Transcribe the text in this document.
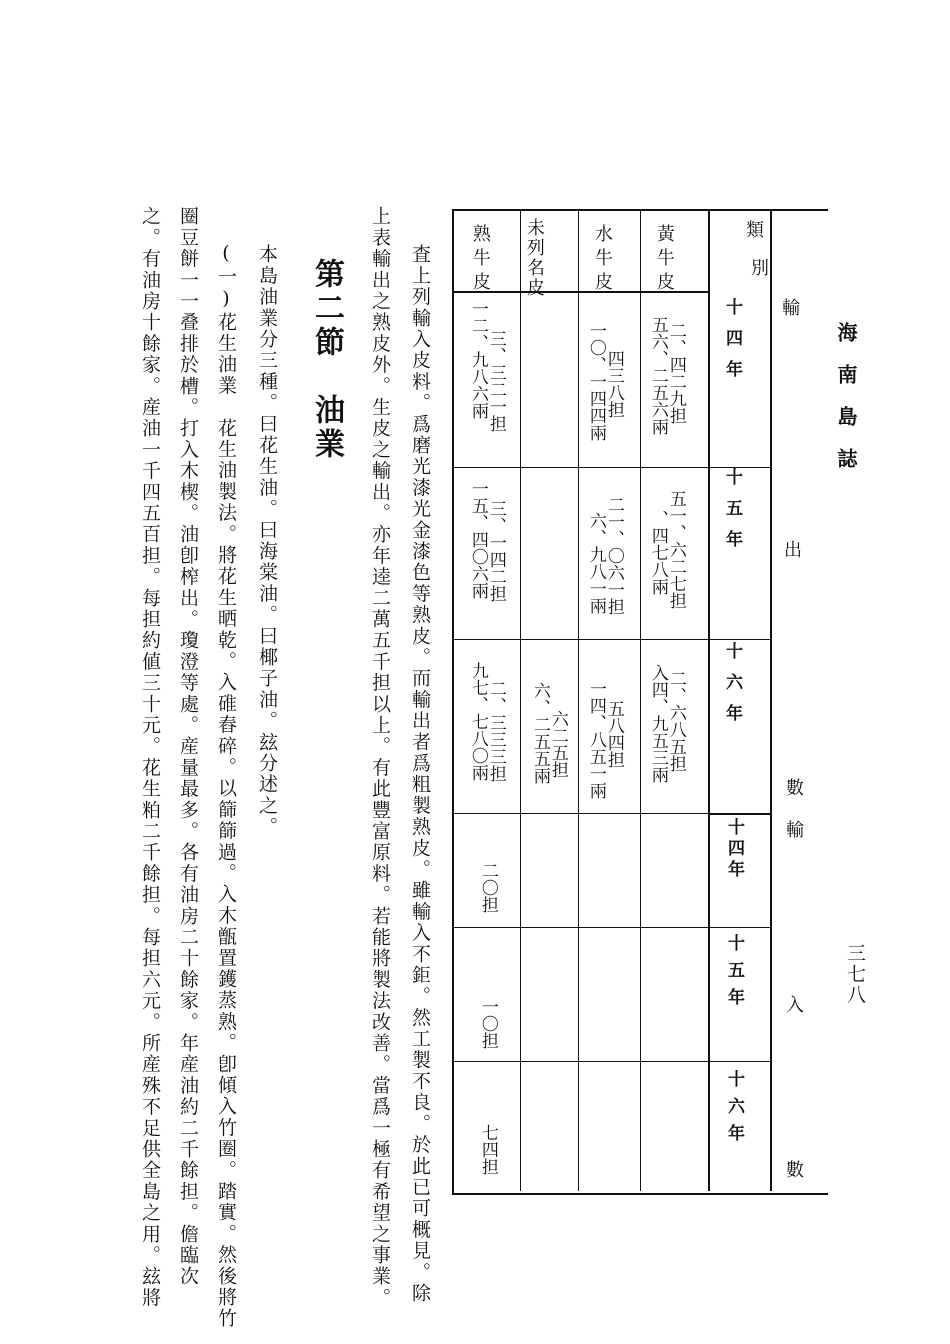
海南島誌
三七八
類
別
輸
出
數
輸
入
數
十四年
十五年
十六年
十四年
十五年
十六年
黃牛皮
水牛皮
未列名皮
熟牛皮
二、四二九担
五六、二五六兩
五一、六二七担
、四七八兩
二、六八五担
入四、九五三兩
四三八担
一〇、一四四兩
二一、〇六一担
六、九八一兩
五八四担
一四、八五一兩
六二五担
六、二五五兩
三、三二一担
一二、九八六兩
三、一四二担
一五、四〇六兩
二、三三三担
九七、七八〇兩
二〇担
一〇担
七四担
査上列輸入皮料。爲磨光漆光金漆色等熟皮。而輸出者爲粗製熟皮。雖輸入不鉅。然工製不良。於此已可概見。除
上表輸出之熟皮外。生皮之輸出。亦年逵二萬五千担以上。有此豐富原料。若能將製法改善。當爲一極有希望之事業。
第二節　油業
本島油業分三種。曰花生油。曰海棠油。曰椰子油。玆分述之。
(一)花生油業　花生油製法。將花生晒乾。入碓舂碎。以篩篩過。入木甑置鑊蒸熟。卽傾入竹圈。踏實。然後將竹
圈豆餅一一叠排於槽。打入木楔。油卽榨出。瓊澄等處。産量最多。各有油房二十餘家。年産油約二千餘担。儋臨次
之。有油房十餘家。産油一千四五百担。每担約値三十元。花生粕二千餘担。每担六元。所産殊不足供全島之用。玆將
